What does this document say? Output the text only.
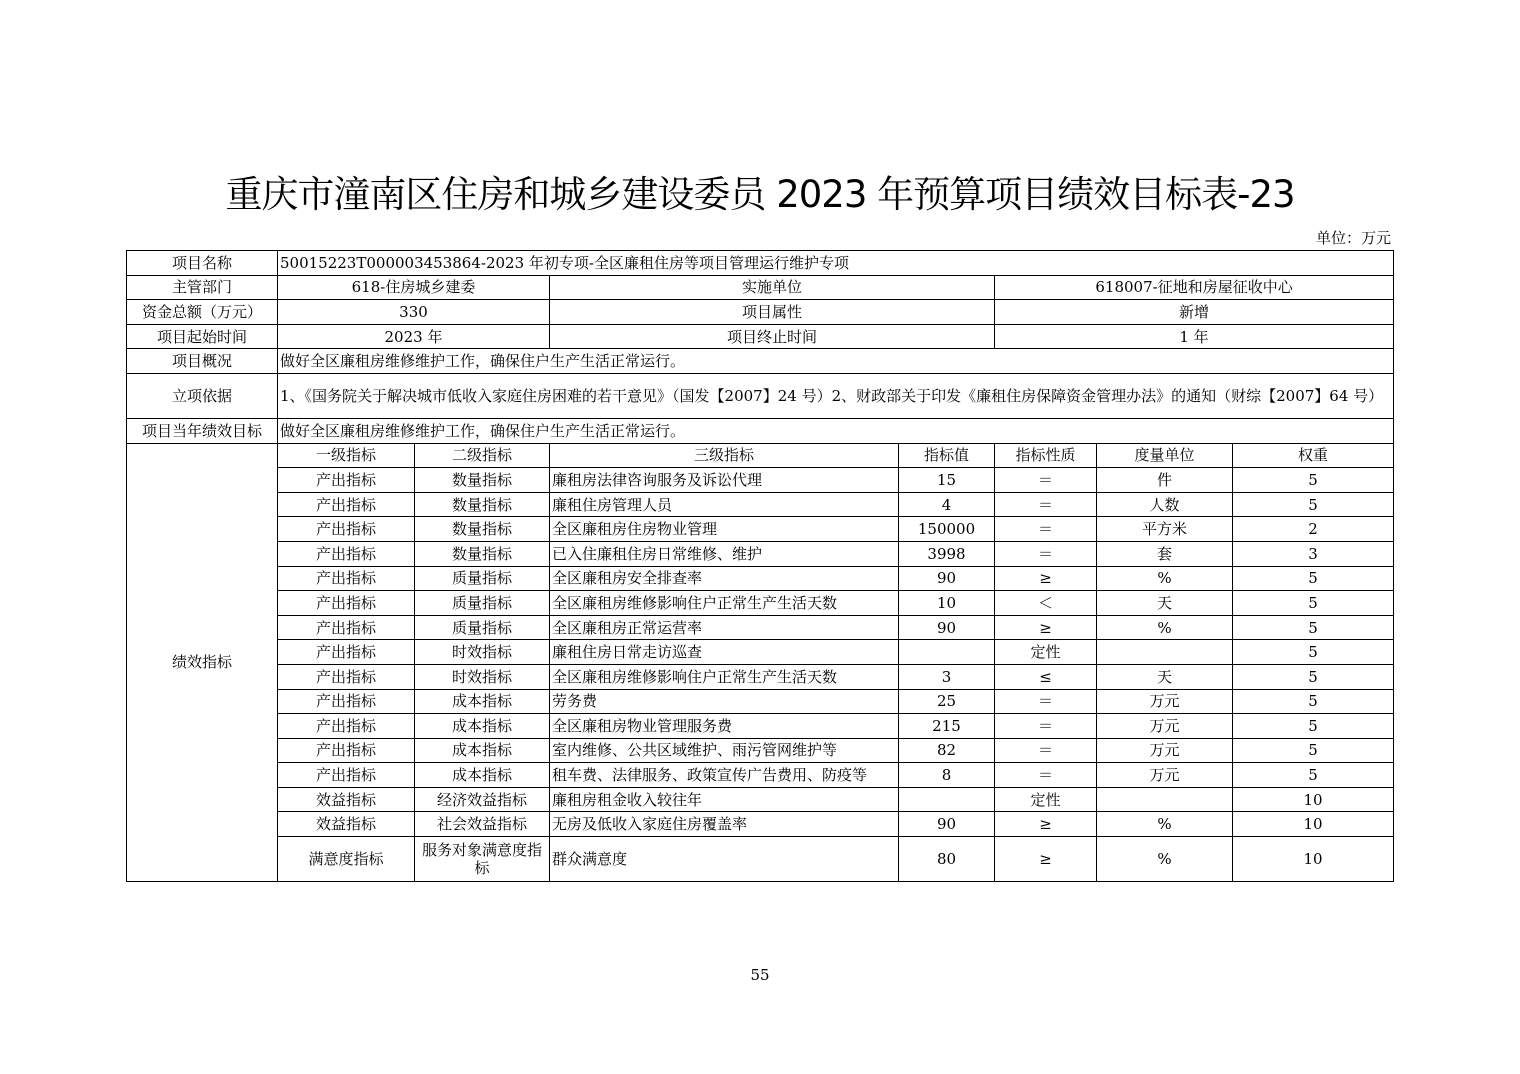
重庆市潼南区住房和城乡建设委员 2023 年预算项目绩效目标表-23
单位：万元
项目名称	50015223T000003453864-2023 年初专项-全区廉租住房等项目管理运行维护专项						
主管部门	618-住房城乡建委		实施单位		618007-征地和房屋征收中心		
资金总额（万元）	330		项目属性		新增		
项目起始时间	2023 年		项目终止时间		1 年		
项目概况	做好全区廉租房维修维护工作，确保住户生产生活正常运行。						
立项依据	1、《国务院关于解决城市低收入家庭住房困难的若干意见》（国发【2007】24 号）2、财政部关于印发《廉租住房保障资金管理办法》的通知（财综【2007】64 号）						
项目当年绩效目标	做好全区廉租房维修维护工作，确保住户生产生活正常运行。						
绩效指标	一级指标	二级指标	三级指标	指标值	指标性质	度量单位	权重
	产出指标	数量指标	廉租房法律咨询服务及诉讼代理	15	＝	件	5
	产出指标	数量指标	廉租住房管理人员	4	＝	人数	5
	产出指标	数量指标	全区廉租房住房物业管理	150000	＝	平方米	2
	产出指标	数量指标	已入住廉租住房日常维修、维护	3998	＝	套	3
	产出指标	质量指标	全区廉租房安全排查率	90	≥	%	5
	产出指标	质量指标	全区廉租房维修影响住户正常生产生活天数	10	＜	天	5
	产出指标	质量指标	全区廉租房正常运营率	90	≥	%	5
	产出指标	时效指标	廉租住房日常走访巡查		定性		5
	产出指标	时效指标	全区廉租房维修影响住户正常生产生活天数	3	≤	天	5
	产出指标	成本指标	劳务费	25	＝	万元	5
	产出指标	成本指标	全区廉租房物业管理服务费	215	＝	万元	5
	产出指标	成本指标	室内维修、公共区域维护、雨污管网维护等	82	＝	万元	5
	产出指标	成本指标	租车费、法律服务、政策宣传广告费用、防疫等	8	＝	万元	5
	效益指标	经济效益指标	廉租房租金收入较往年		定性		10
	效益指标	社会效益指标	无房及低收入家庭住房覆盖率	90	≥	%	10
	满意度指标	服务对象满意度指标	群众满意度	80	≥	%	10
55
